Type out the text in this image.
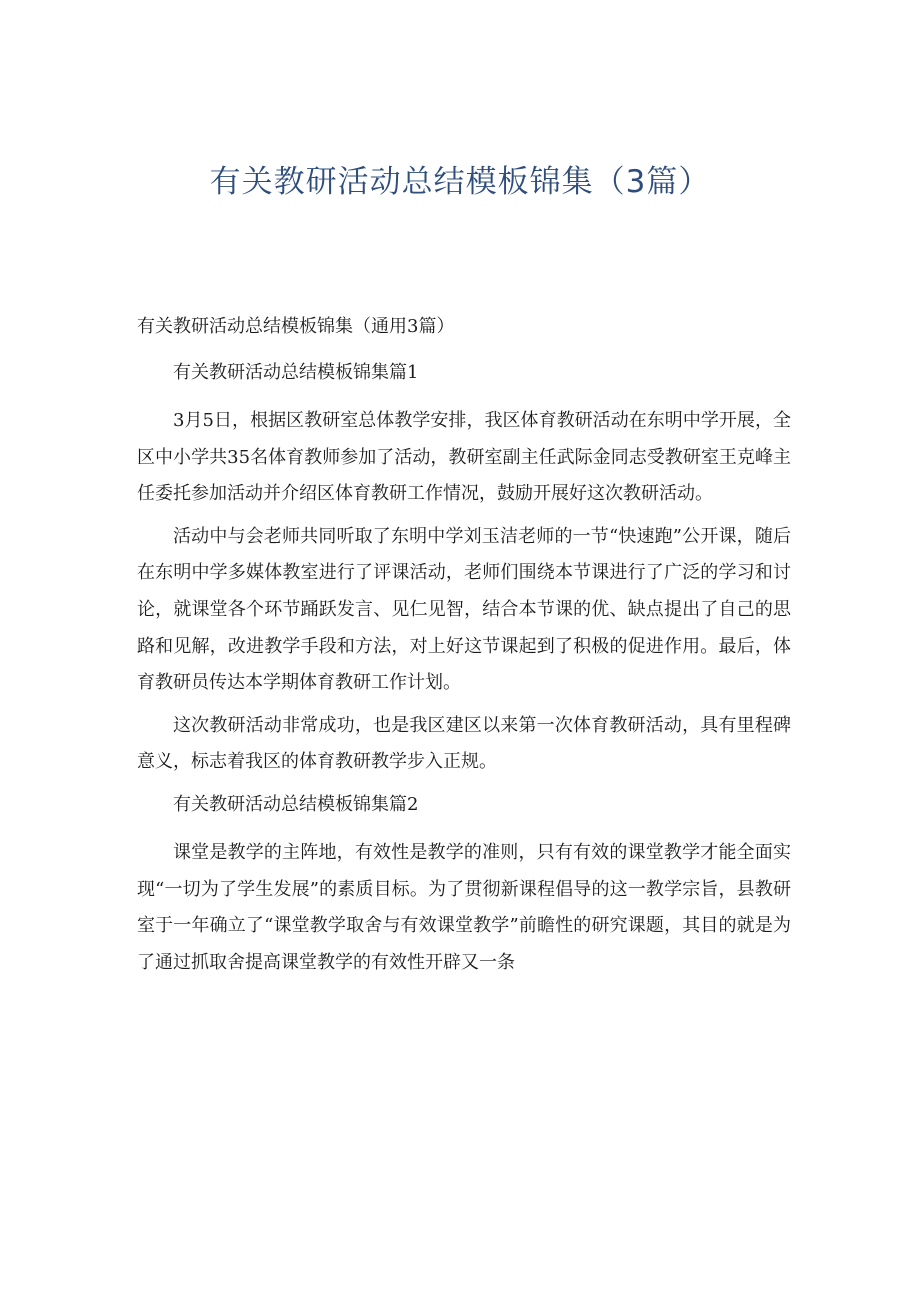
有关教研活动总结模板锦集（3篇）

有关教研活动总结模板锦集（通用3篇）

有关教研活动总结模板锦集篇1

3月5日，根据区教研室总体教学安排，我区体育教研活动在东明中学开展，全区中小学共35名体育教师参加了活动，教研室副主任武际金同志受教研室王克峰主任委托参加活动并介绍区体育教研工作情况，鼓励开展好这次教研活动。

活动中与会老师共同听取了东明中学刘玉洁老师的一节“快速跑”公开课，随后在东明中学多媒体教室进行了评课活动，老师们围绕本节课进行了广泛的学习和讨论，就课堂各个环节踊跃发言、见仁见智，结合本节课的优、缺点提出了自己的思路和见解，改进教学手段和方法，对上好这节课起到了积极的促进作用。最后，体育教研员传达本学期体育教研工作计划。

这次教研活动非常成功，也是我区建区以来第一次体育教研活动，具有里程碑意义，标志着我区的体育教研教学步入正规。

有关教研活动总结模板锦集篇2

课堂是教学的主阵地，有效性是教学的准则，只有有效的课堂教学才能全面实现“一切为了学生发展”的素质目标。为了贯彻新课程倡导的这一教学宗旨，县教研室于一年确立了“课堂教学取舍与有效课堂教学”前瞻性的研究课题，其目的就是为了通过抓取舍提高课堂教学的有效性开辟又一条
